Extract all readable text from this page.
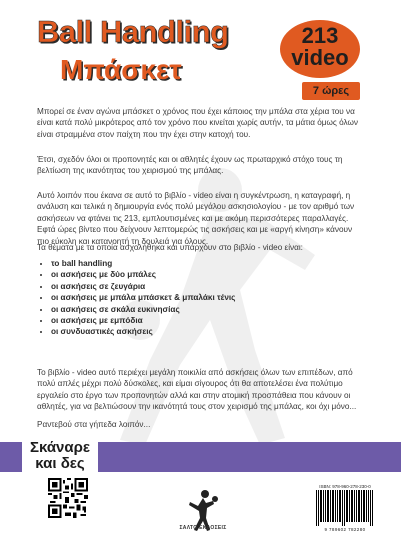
Ball Handling
Μπάσκετ
213
video
7 ώρες
Μπορεί σε έναν αγώνα μπάσκετ ο χρόνος που έχει κάποιος την μπάλα στα χέρια του να είναι κατά πολύ μικρότερος από τον χρόνο που κινείται χωρίς αυτήν, τα μάτια όμως όλων είναι στραμμένα στον παίχτη που την έχει στην κατοχή του.
Έτσι, σχεδόν όλοι οι προπονητές και οι αθλητές έχουν ως πρωταρχικό στόχο τους τη βελτίωση της ικανότητας του χειρισμού της μπάλας.
Αυτό λοιπόν που έκανα σε αυτό το βιβλίο - video είναι η συγκέντρωση, η καταγραφή, η ανάλυση και τελικά η δημιουργία ενός πολύ μεγάλου ασκησιολογίου - με τον αριθμό των ασκήσεων να φτάνει τις 213, εμπλουτισμένες και με ακόμη περισσότερες παραλλαγές. Εφτά ώρες βίντεο που δείχνουν λεπτομερώς τις ασκήσεις και με «αργή κίνηση» κάνουν πιο εύκολη και κατανοητή τη δουλειά για όλους.
Τα θέματα με τα οποία ασχολήθηκα και υπάρχουν στο βιβλίο - video είναι:
• το ball handling
• οι ασκήσεις με δύο μπάλες
• οι ασκήσεις σε ζευγάρια
• οι ασκήσεις με μπάλα μπάσκετ & μπαλάκι τένις
• οι ασκήσεις σε σκάλα ευκινησίας
• οι ασκήσεις με εμπόδια
• οι συνδυαστικές ασκήσεις
Το βιβλίο - video αυτό περιέχει μεγάλη ποικιλία από ασκήσεις όλων των επιπέδων, από πολύ απλές μέχρι πολύ δύσκολες, και είμαι σίγουρος ότι θα αποτελέσει ένα πολύτιμο εργαλείο στο έργο των προπονητών αλλά και στην ατομική προσπάθεια που κάνουν οι αθλητές, για να βελτιώσουν την ικανότητά τους στον χειρισμό της μπάλας, κοι όχι μόνο...
Ραντεβού στα γήπεδα λοιπόν...
Σκάναρε
και δες
ΣΑΛΤΟ ΕΚΔΟΣΕΙΣ
ISBN: 978-960-278-230-0
9 789602 782280
